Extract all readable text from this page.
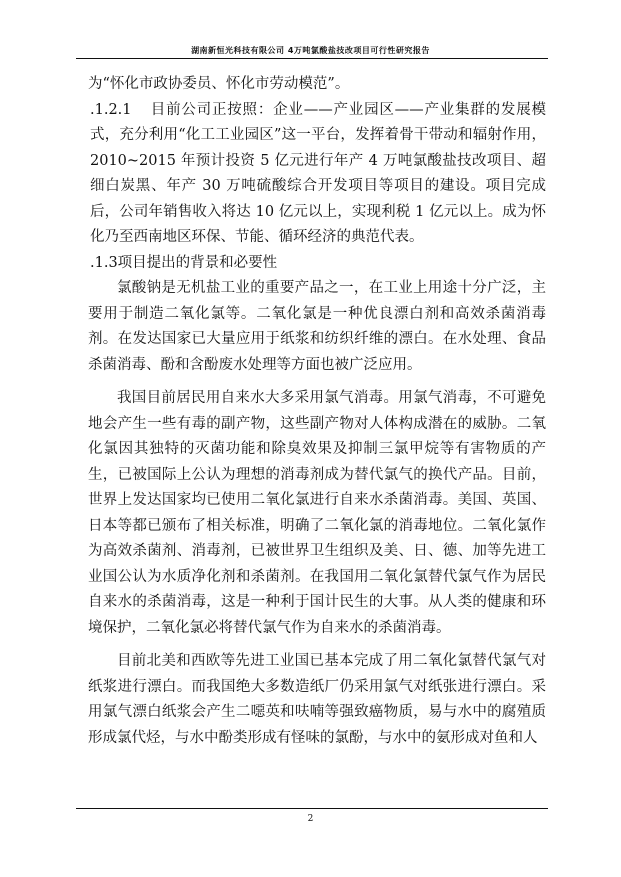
湖南新恒光科技有限公司 4万吨氯酸盐技改项目可行性研究报告

为“怀化市政协委员、怀化市劳动模范”。

.1.2.1 目前公司正按照：企业——产业园区——产业集群的发展模式，充分利用“化工工业园区”这一平台，发挥着骨干带动和辐射作用，2010~2015 年预计投资 5 亿元进行年产 4 万吨氯酸盐技改项目、超细白炭黑、年产 30 万吨硫酸综合开发项目等项目的建设。项目完成后，公司年销售收入将达 10 亿元以上，实现利税 1 亿元以上。成为怀化乃至西南地区环保、节能、循环经济的典范代表。

.1.3项目提出的背景和必要性

氯酸钠是无机盐工业的重要产品之一，在工业上用途十分广泛，主要用于制造二氧化氯等。二氧化氯是一种优良漂白剂和高效杀菌消毒剂。在发达国家已大量应用于纸浆和纺织纤维的漂白。在水处理、食品杀菌消毒、酚和含酚废水处理等方面也被广泛应用。

我国目前居民用自来水大多采用氯气消毒。用氯气消毒，不可避免地会产生一些有毒的副产物，这些副产物对人体构成潜在的威胁。二氧化氯因其独特的灭菌功能和除臭效果及抑制三氯甲烷等有害物质的产生，已被国际上公认为理想的消毒剂成为替代氯气的换代产品。目前，世界上发达国家均已使用二氧化氯进行自来水杀菌消毒。美国、英国、日本等都已颁布了相关标准，明确了二氧化氯的消毒地位。二氧化氯作为高效杀菌剂、消毒剂，已被世界卫生组织及美、日、德、加等先进工业国公认为水质净化剂和杀菌剂。在我国用二氧化氯替代氯气作为居民自来水的杀菌消毒，这是一种利于国计民生的大事。从人类的健康和环境保护，二氧化氯必将替代氯气作为自来水的杀菌消毒。

目前北美和西欧等先进工业国已基本完成了用二氧化氯替代氯气对纸浆进行漂白。而我国绝大多数造纸厂仍采用氯气对纸张进行漂白。采用氯气漂白纸浆会产生二噁英和呋喃等强致癌物质，易与水中的腐殖质形成氯代烃，与水中酚类形成有怪味的氯酚，与水中的氨形成对鱼和人

2
